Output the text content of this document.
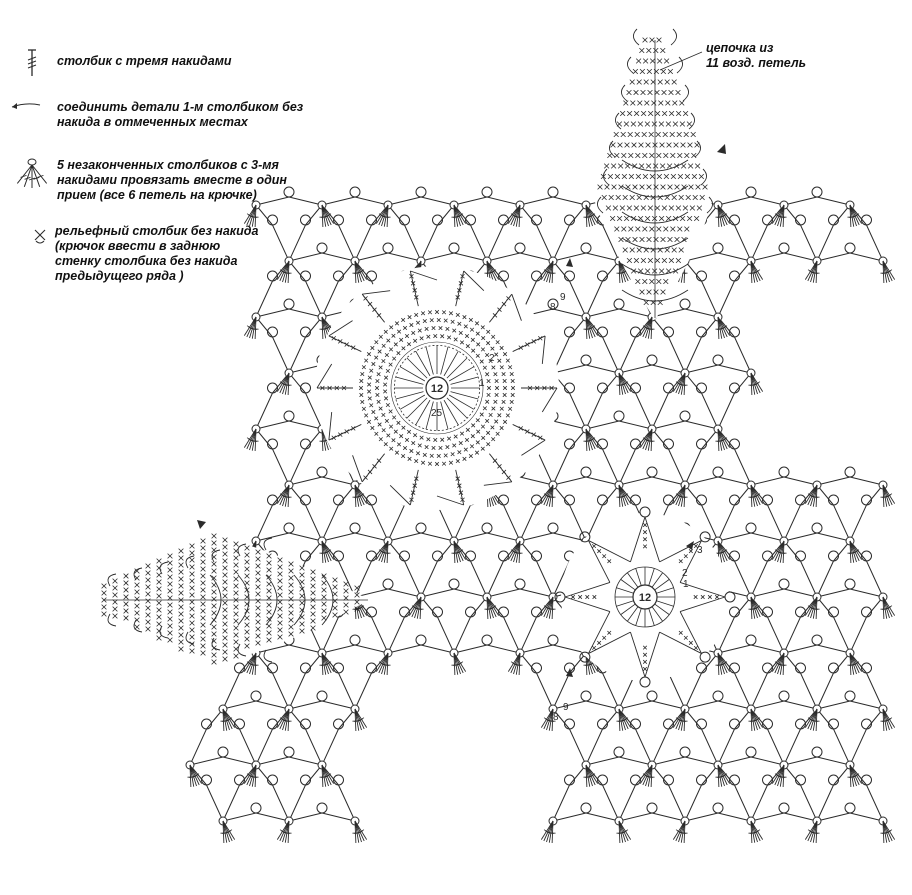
12	1
2
25
12
1
2
3
9
8
9
8
столбик с тремя накидами
соединить детали 1-м столбиком без
накида в отмеченных местах
5 незаконченных столбиков с 3-мя
накидами провязать вместе в один
прием (все 6 петель на крючке)
рельефный столбик без накида
(крючок ввести в заднюю
стенку столбика без накида
предыдущего ряда )
цепочка из
11 возд. петель
